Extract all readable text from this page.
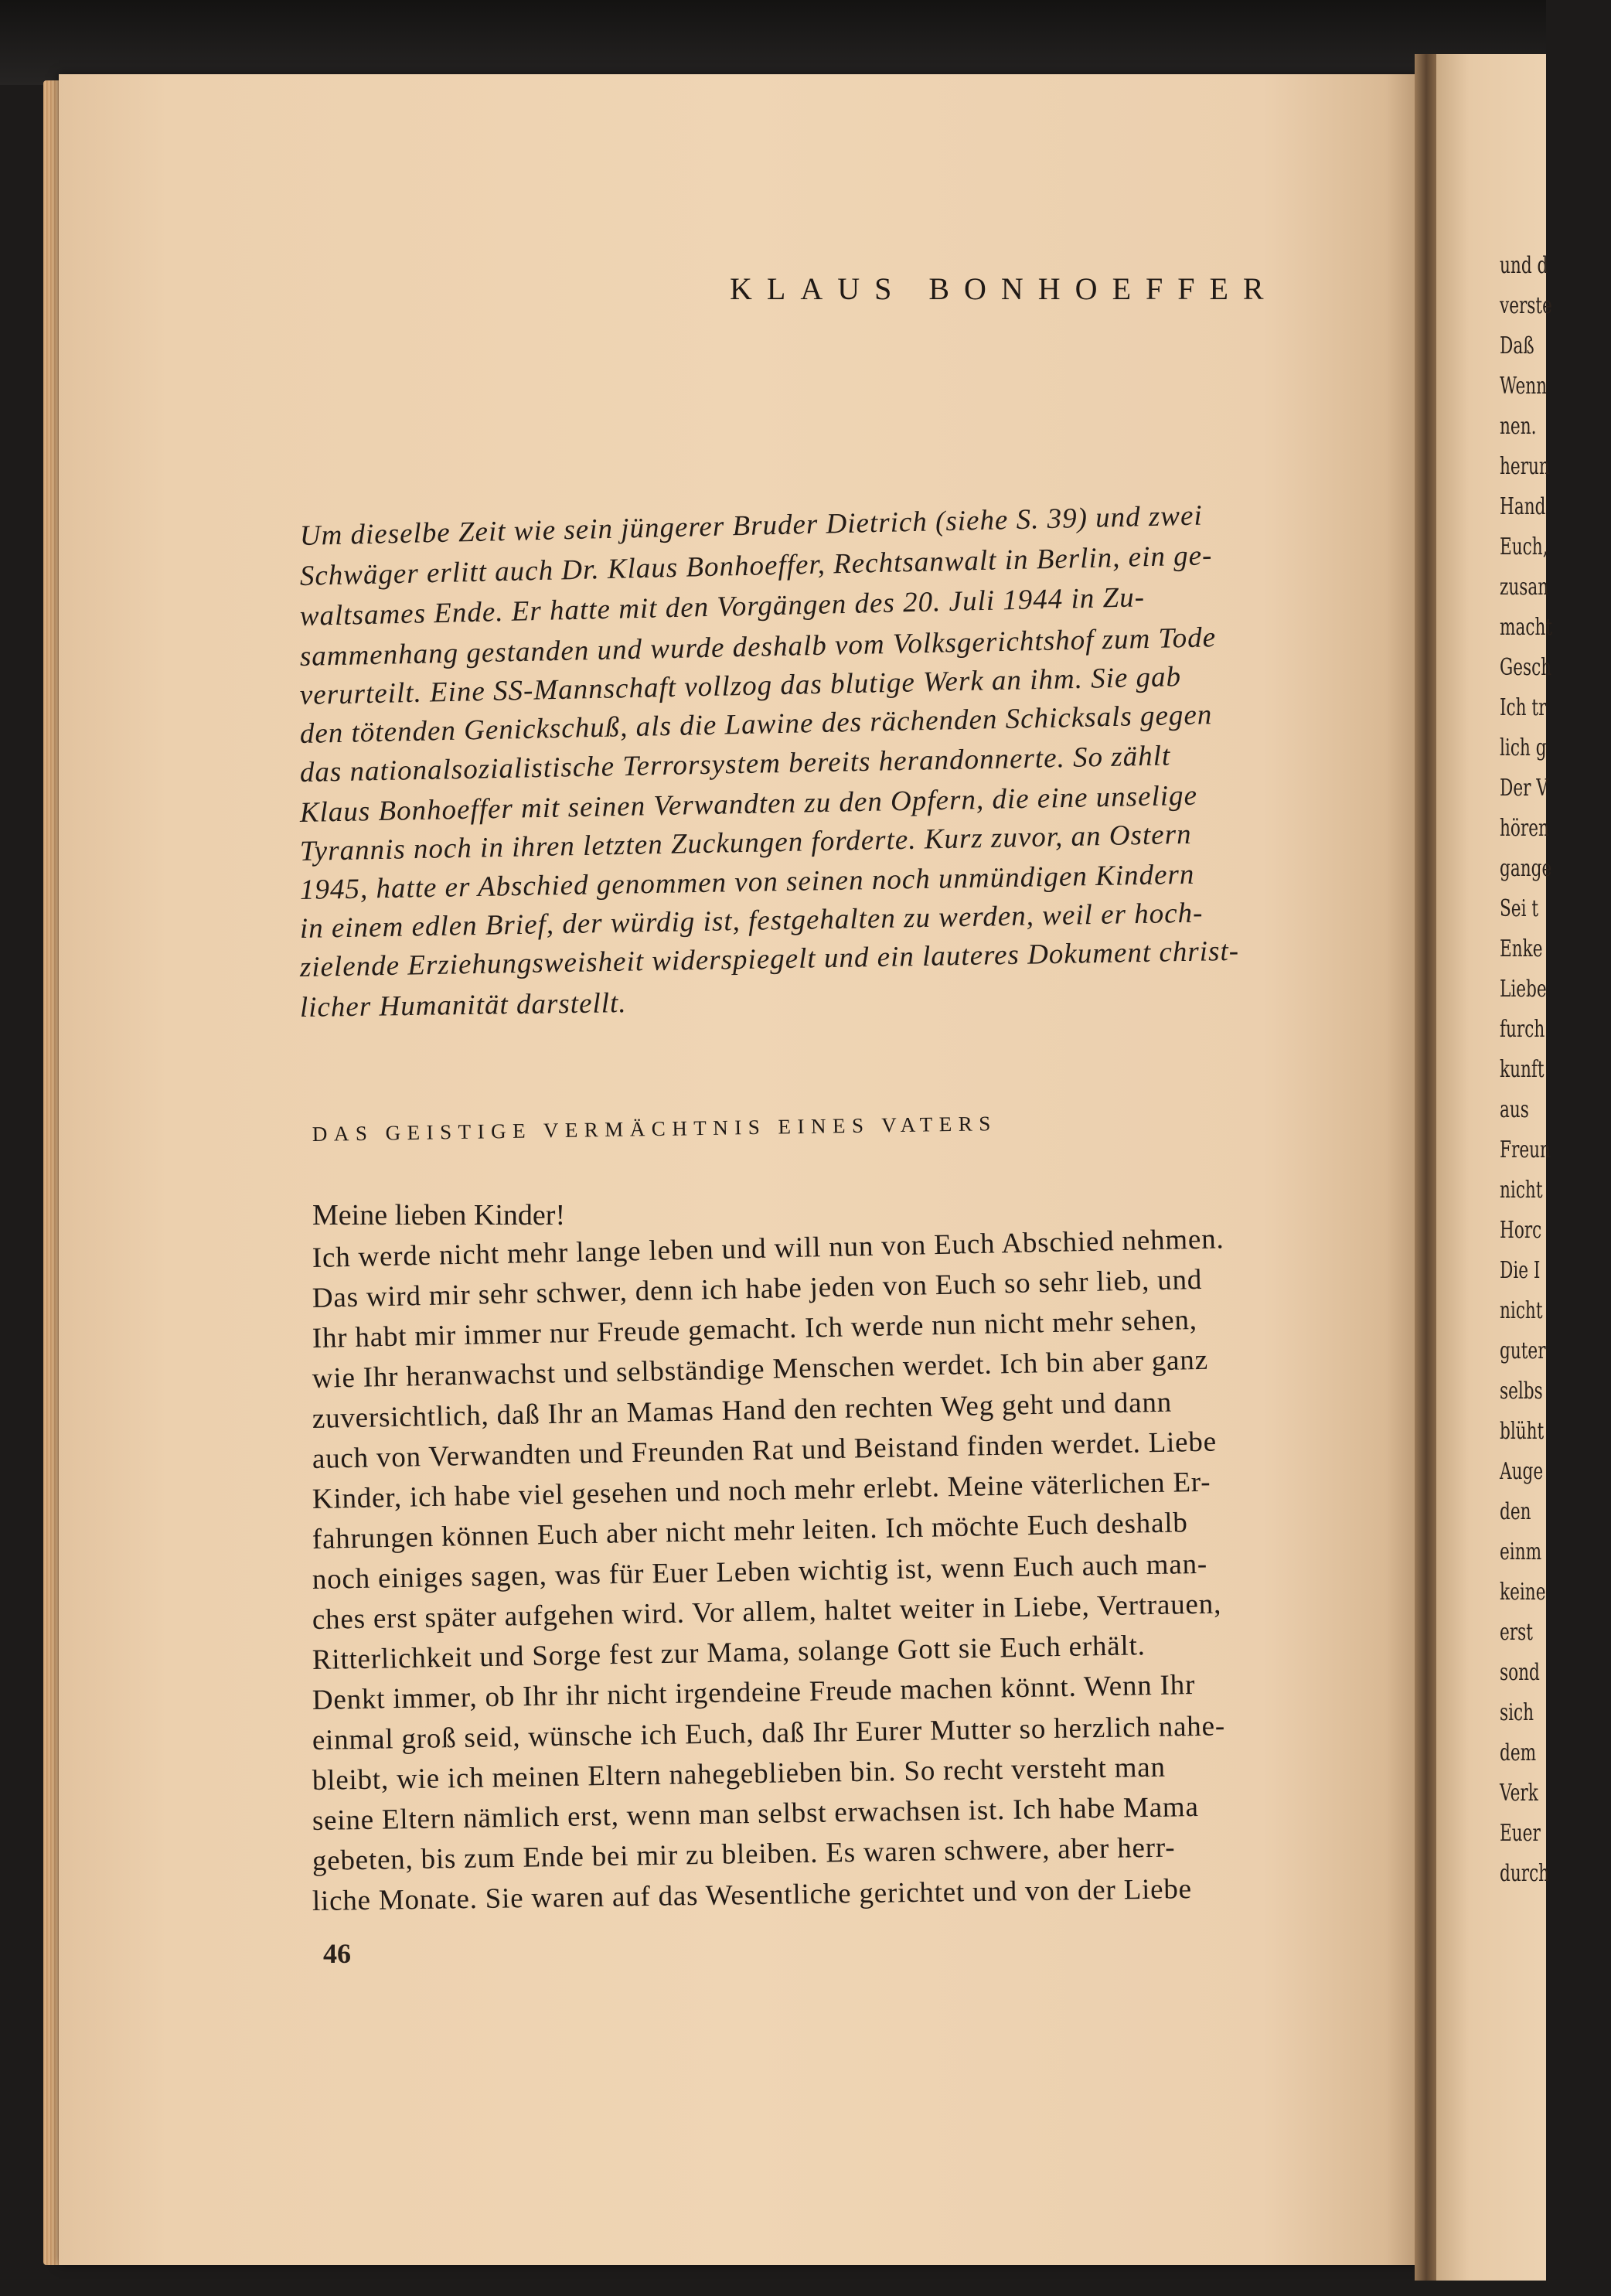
KLAUS BONHOEFFER
Um dieselbe Zeit wie sein jüngerer Bruder Dietrich (siehe S. 39) und zwei
Schwäger erlitt auch Dr. Klaus Bonhoeffer, Rechtsanwalt in Berlin, ein ge-
waltsames Ende. Er hatte mit den Vorgängen des 20. Juli 1944 in Zu-
sammenhang gestanden und wurde deshalb vom Volksgerichtshof zum Tode
verurteilt. Eine SS-Mannschaft vollzog das blutige Werk an ihm. Sie gab
den tötenden Genickschuß, als die Lawine des rächenden Schicksals gegen
das nationalsozialistische Terrorsystem bereits herandonnerte. So zählt
Klaus Bonhoeffer mit seinen Verwandten zu den Opfern, die eine unselige
Tyrannis noch in ihren letzten Zuckungen forderte. Kurz zuvor, an Ostern
1945, hatte er Abschied genommen von seinen noch unmündigen Kindern
in einem edlen Brief, der würdig ist, festgehalten zu werden, weil er hoch-
zielende Erziehungsweisheit widerspiegelt und ein lauteres Dokument christ-
licher Humanität darstellt.
DAS GEISTIGE VERMÄCHTNIS EINES VATERS
Meine lieben Kinder!
Ich werde nicht mehr lange leben und will nun von Euch Abschied nehmen.
Das wird mir sehr schwer, denn ich habe jeden von Euch so sehr lieb, und
Ihr habt mir immer nur Freude gemacht. Ich werde nun nicht mehr sehen,
wie Ihr heranwachst und selbständige Menschen werdet. Ich bin aber ganz
zuversichtlich, daß Ihr an Mamas Hand den rechten Weg geht und dann
auch von Verwandten und Freunden Rat und Beistand finden werdet. Liebe
Kinder, ich habe viel gesehen und noch mehr erlebt. Meine väterlichen Er-
fahrungen können Euch aber nicht mehr leiten. Ich möchte Euch deshalb
noch einiges sagen, was für Euer Leben wichtig ist, wenn Euch auch man-
ches erst später aufgehen wird. Vor allem, haltet weiter in Liebe, Vertrauen,
Ritterlichkeit und Sorge fest zur Mama, solange Gott sie Euch erhält.
Denkt immer, ob Ihr ihr nicht irgendeine Freude machen könnt. Wenn Ihr
einmal groß seid, wünsche ich Euch, daß Ihr Eurer Mutter so herzlich nahe-
bleibt, wie ich meinen Eltern nahegeblieben bin. So recht versteht man
seine Eltern nämlich erst, wenn man selbst erwachsen ist. Ich habe Mama
gebeten, bis zum Ende bei mir zu bleiben. Es waren schwere, aber herr-
liche Monate. Sie waren auf das Wesentliche gerichtet und von der Liebe
46
und d
verste
Daß
Wenn
nen.
herun
Hand
Euch,
zusan
macht
Gesch
Ich tr
lich g
Der V
hören
gange
Sei t
Enke
Liebe
furch
kunft
aus
Freun
nicht
Horc
Die I
nicht
guter
selbs
blüht
Auge
den
einm
keine
erst
sond
sich
dem
Verk
Euer
durch
